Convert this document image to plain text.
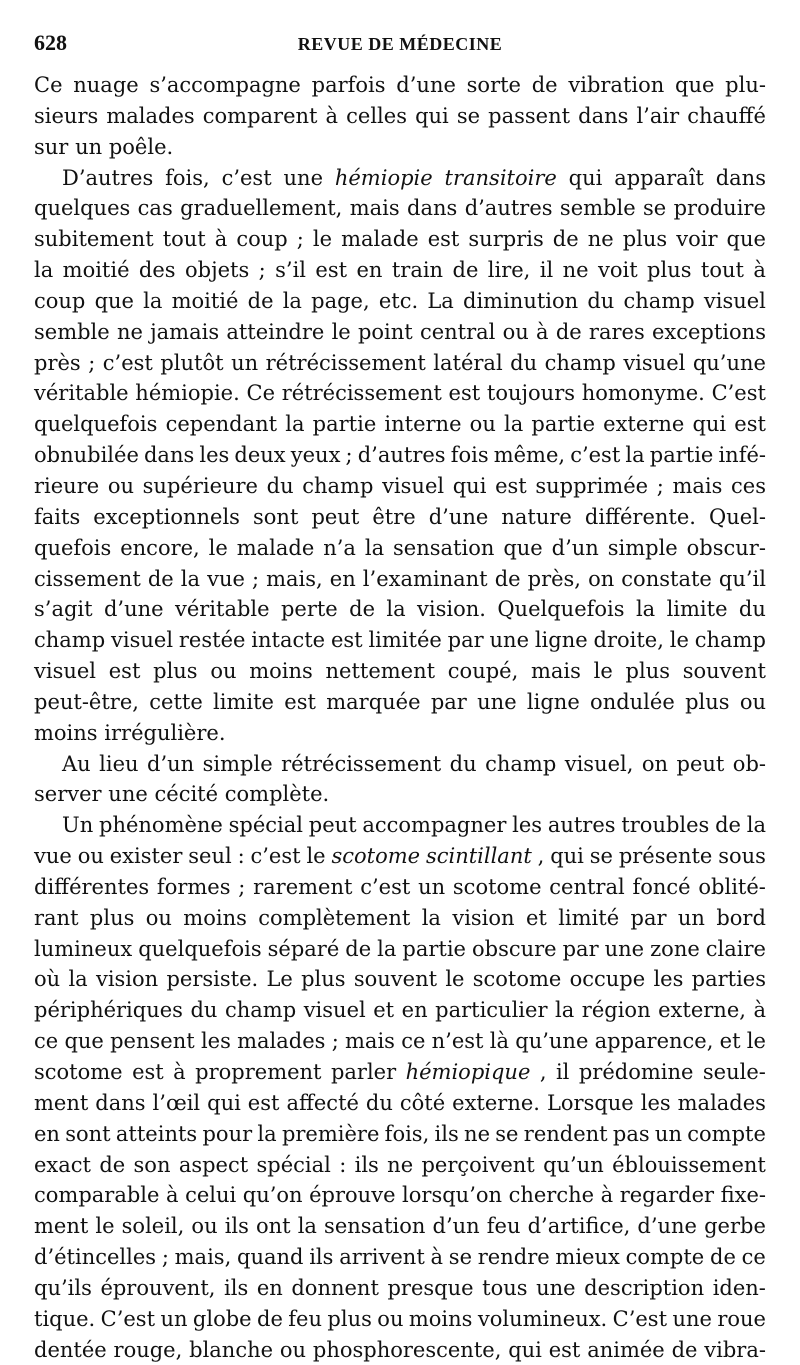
628	REVUE DE MÉDECINE
Ce nuage s’accompagne parfois d’une sorte de vibration que plu-
sieurs malades comparent à celles qui se passent dans l’air chauffé
sur un poêle.
D’autres fois, c’est une hémiopie transitoire qui apparaît dans
quelques cas graduellement, mais dans d’autres semble se produire
subitement tout à coup ; le malade est surpris de ne plus voir que
la moitié des objets ; s’il est en train de lire, il ne voit plus tout à
coup que la moitié de la page, etc. La diminution du champ visuel
semble ne jamais atteindre le point central ou à de rares exceptions
près ; c’est plutôt un rétrécissement latéral du champ visuel qu’une
véritable hémiopie. Ce rétrécissement est toujours homonyme. C’est
quelquefois cependant la partie interne ou la partie externe qui est
obnubilée dans les deux yeux ; d’autres fois même, c’est la partie infé-
rieure ou supérieure du champ visuel qui est supprimée ; mais ces
faits exceptionnels sont peut être d’une nature différente. Quel-
quefois encore, le malade n’a la sensation que d’un simple obscur-
cissement de la vue ; mais, en l’examinant de près, on constate qu’il
s’agit d’une véritable perte de la vision. Quelquefois la limite du
champ visuel restée intacte est limitée par une ligne droite, le champ
visuel est plus ou moins nettement coupé, mais le plus souvent
peut-être, cette limite est marquée par une ligne ondulée plus ou
moins irrégulière.
Au lieu d’un simple rétrécissement du champ visuel, on peut ob-
server une cécité complète.
Un phénomène spécial peut accompagner les autres troubles de la
vue ou exister seul : c’est le scotome scintillant , qui se présente sous
différentes formes ; rarement c’est un scotome central foncé oblité-
rant plus ou moins complètement la vision et limité par un bord
lumineux quelquefois séparé de la partie obscure par une zone claire
où la vision persiste. Le plus souvent le scotome occupe les parties
périphériques du champ visuel et en particulier la région externe, à
ce que pensent les malades ; mais ce n’est là qu’une apparence, et le
scotome est à proprement parler hémiopique , il prédomine seule-
ment dans l’œil qui est affecté du côté externe. Lorsque les malades
en sont atteints pour la première fois, ils ne se rendent pas un compte
exact de son aspect spécial : ils ne perçoivent qu’un éblouissement
comparable à celui qu’on éprouve lorsqu’on cherche à regarder fixe-
ment le soleil, ou ils ont la sensation d’un feu d’artifice, d’une gerbe
d’étincelles ; mais, quand ils arrivent à se rendre mieux compte de ce
qu’ils éprouvent, ils en donnent presque tous une description iden-
tique. C’est un globe de feu plus ou moins volumineux. C’est une roue
dentée rouge, blanche ou phosphorescente, qui est animée de vibra-
